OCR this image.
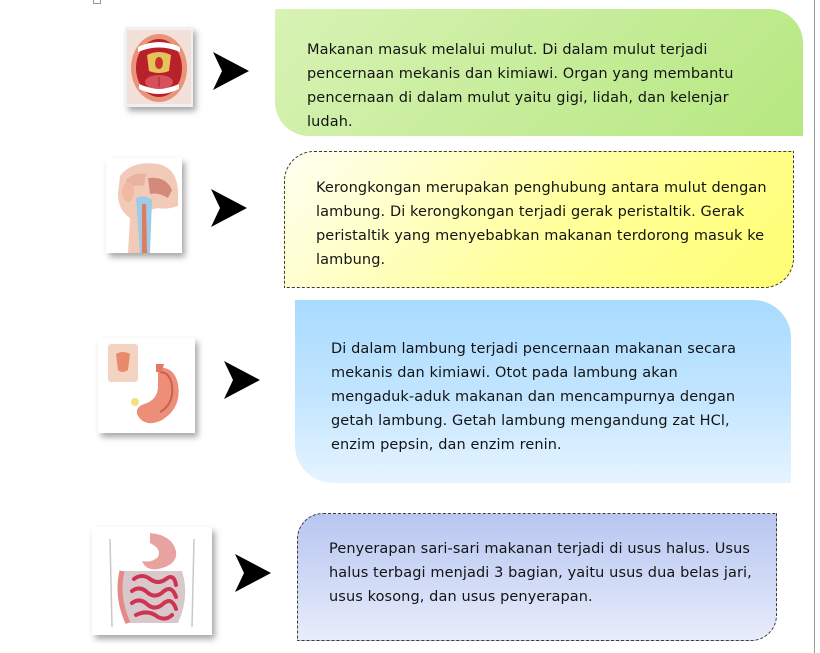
Makanan masuk melalui mulut. Di dalam mulut terjadi pencernaan mekanis dan kimiawi. Organ yang membantu pencernaan di dalam mulut yaitu gigi, lidah, dan kelenjar ludah.

Kerongkongan merupakan penghubung antara mulut dengan lambung. Di kerongkongan terjadi gerak peristaltik. Gerak peristaltik yang menyebabkan makanan terdorong masuk ke lambung.

Di dalam lambung terjadi pencernaan makanan secara mekanis dan kimiawi. Otot pada lambung akan mengaduk-aduk makanan dan mencampurnya dengan getah lambung. Getah lambung mengandung zat HCl, enzim pepsin, dan enzim renin.

Penyerapan sari-sari makanan terjadi di usus halus. Usus halus terbagi menjadi 3 bagian, yaitu usus dua belas jari, usus kosong, dan usus penyerapan.
